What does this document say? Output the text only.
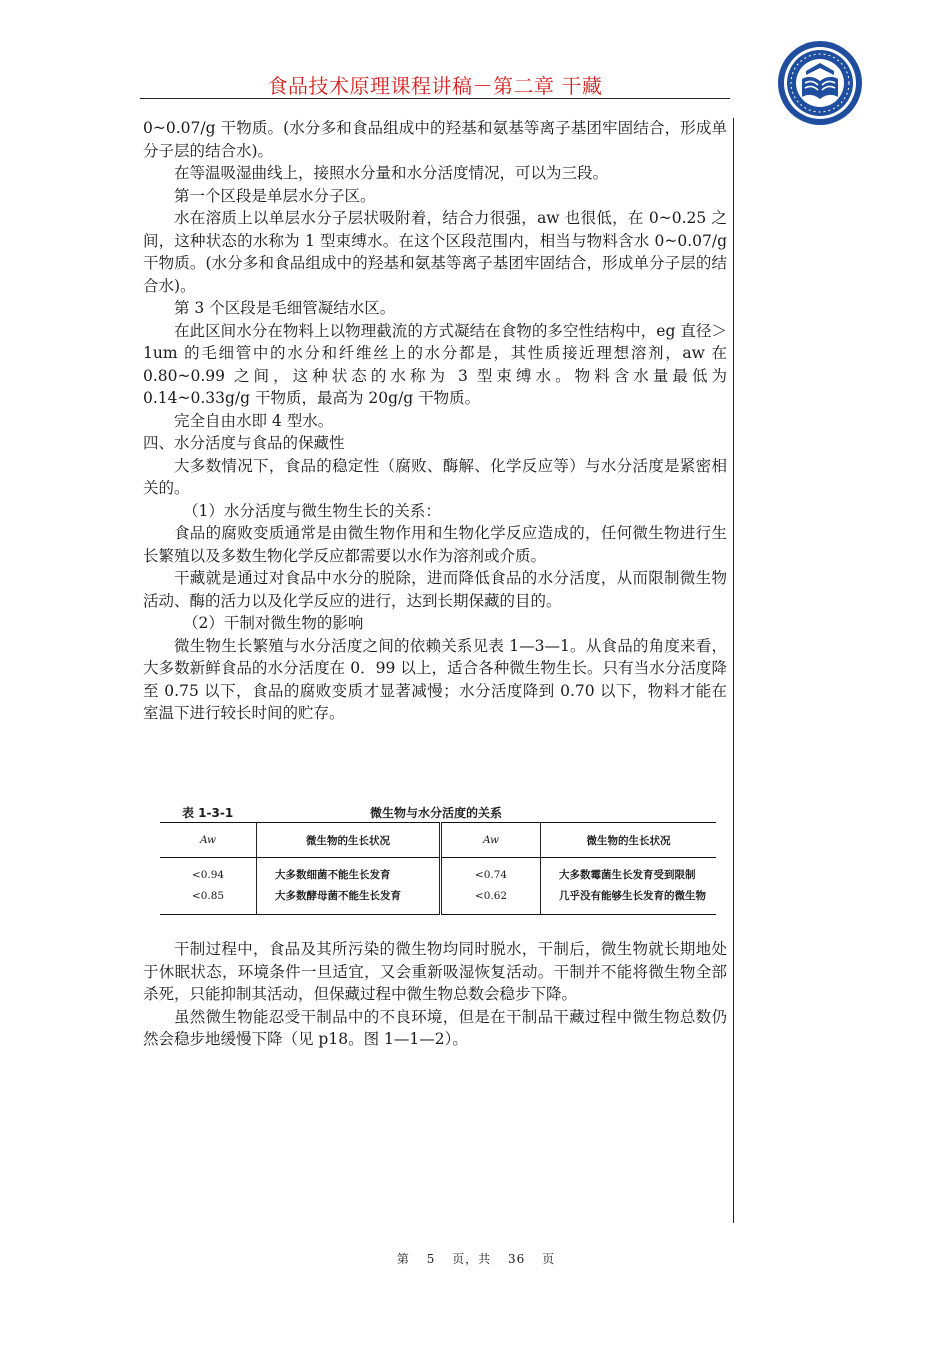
食品技术原理课程讲稿－第二章 干藏

0~0.07/g 干物质。(水分多和食品组成中的羟基和氨基等离子基团牢固结合，形成单分子层的结合水)。

在等温吸湿曲线上，接照水分量和水分活度情况，可以为三段。

第一个区段是单层水分子区。

水在溶质上以单层水分子层状吸附着，结合力很强，aw 也很低，在 0~0.25 之间，这种状态的水称为 1 型束缚水。在这个区段范围内，相当与物料含水 0~0.07/g 干物质。(水分多和食品组成中的羟基和氨基等离子基团牢固结合，形成单分子层的结合水)。

第 3 个区段是毛细管凝结水区。

在此区间水分在物料上以物理截流的方式凝结在食物的多空性结构中，eg 直径＞1um 的毛细管中的水分和纤维丝上的水分都是，其性质接近理想溶剂，aw 在 0.80~0.99 之间，这种状态的水称为 3 型束缚水。物料含水量最低为 0.14~0.33g/g 干物质，最高为 20g/g 干物质。

完全自由水即 4 型水。

四、水分活度与食品的保藏性

大多数情况下，食品的稳定性（腐败、酶解、化学反应等）与水分活度是紧密相关的。

（1）水分活度与微生物生长的关系：

食品的腐败变质通常是由微生物作用和生物化学反应造成的，任何微生物进行生长繁殖以及多数生物化学反应都需要以水作为溶剂或介质。

干藏就是通过对食品中水分的脱除，进而降低食品的水分活度，从而限制微生物活动、酶的活力以及化学反应的进行，达到长期保藏的目的。

（2）干制对微生物的影响

微生物生长繁殖与水分活度之间的依赖关系见表 1—3—1。从食品的角度来看，大多数新鲜食品的水分活度在 0．99 以上，适合各种微生物生长。只有当水分活度降至 0.75 以下，食品的腐败变质才显著减慢；水分活度降到 0.70 以下，物料才能在室温下进行较长时间的贮存。

表 1-3-1	微生物与水分活度的关系
Aw	微生物的生长状况	Aw	微生物的生长状况
<0.94	大多数细菌不能生长发育	<0.74	大多数霉菌生长发育受到限制
<0.85	大多数酵母菌不能生长发育	<0.62	几乎没有能够生长发育的微生物

干制过程中，食品及其所污染的微生物均同时脱水，干制后，微生物就长期地处于休眠状态，环境条件一旦适宜，又会重新吸湿恢复活动。干制并不能将微生物全部杀死，只能抑制其活动，但保藏过程中微生物总数会稳步下降。

虽然微生物能忍受干制品中的不良环境，但是在干制品干藏过程中微生物总数仍然会稳步地缓慢下降（见 p18。图 1—1—2）。

第 5 页，共 36 页
